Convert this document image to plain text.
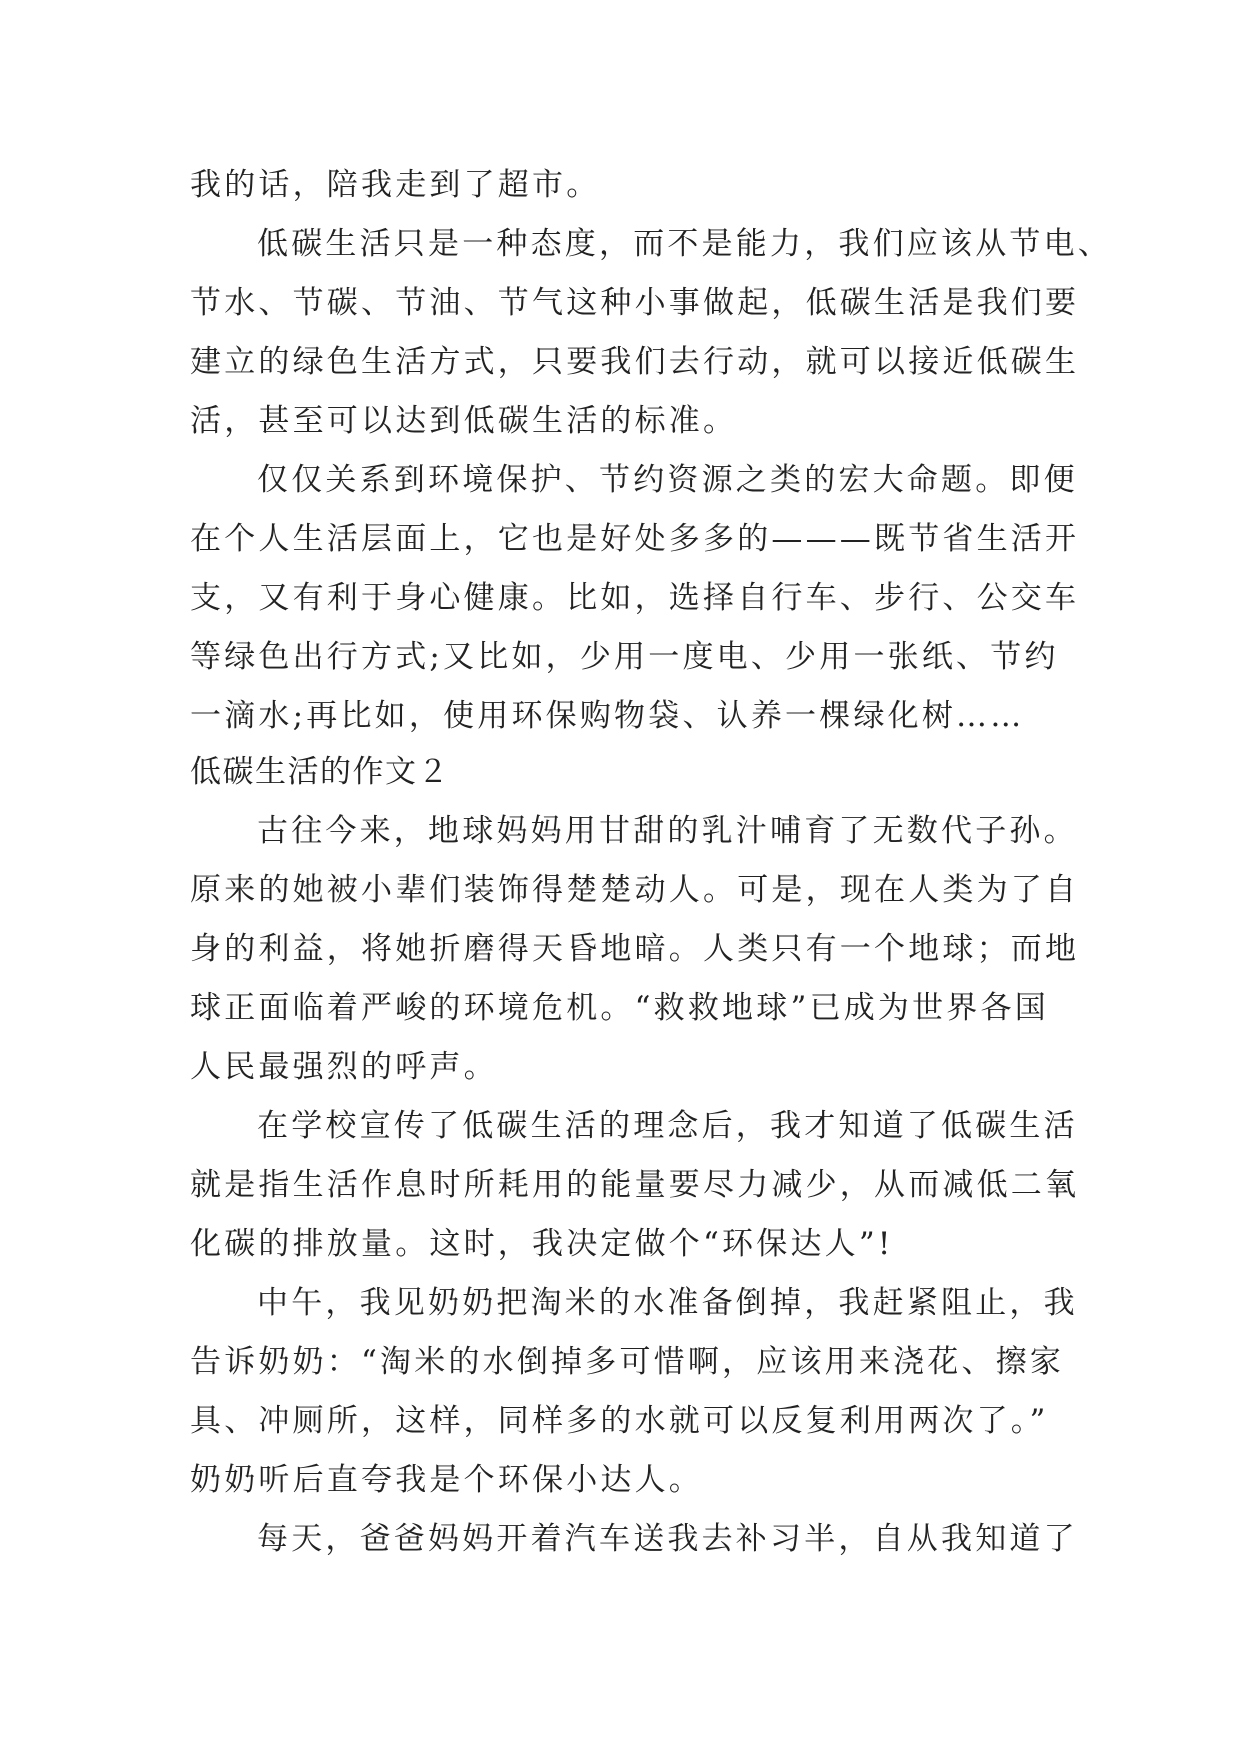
我的话，陪我走到了超市。
低碳生活只是一种态度，而不是能力，我们应该从节电、
节水、节碳、节油、节气这种小事做起，低碳生活是我们要
建立的绿色生活方式，只要我们去行动，就可以接近低碳生
活，甚至可以达到低碳生活的标准。
仅仅关系到环境保护、节约资源之类的宏大命题。即便
在个人生活层面上，它也是好处多多的———既节省生活开
支，又有利于身心健康。比如，选择自行车、步行、公交车
等绿色出行方式;又比如，少用一度电、少用一张纸、节约
一滴水;再比如，使用环保购物袋、认养一棵绿化树……
低碳生活的作文２
古往今来，地球妈妈用甘甜的乳汁哺育了无数代子孙。
原来的她被小辈们装饰得楚楚动人。可是，现在人类为了自
身的利益，将她折磨得天昏地暗。人类只有一个地球；而地
球正面临着严峻的环境危机。“救救地球”已成为世界各国
人民最强烈的呼声。
在学校宣传了低碳生活的理念后，我才知道了低碳生活
就是指生活作息时所耗用的能量要尽力减少，从而减低二氧
化碳的排放量。这时，我决定做个“环保达人”!
中午，我见奶奶把淘米的水准备倒掉，我赶紧阻止，我
告诉奶奶：“淘米的水倒掉多可惜啊，应该用来浇花、擦家
具、冲厕所，这样，同样多的水就可以反复利用两次了。”
奶奶听后直夸我是个环保小达人。
每天，爸爸妈妈开着汽车送我去补习半，自从我知道了
